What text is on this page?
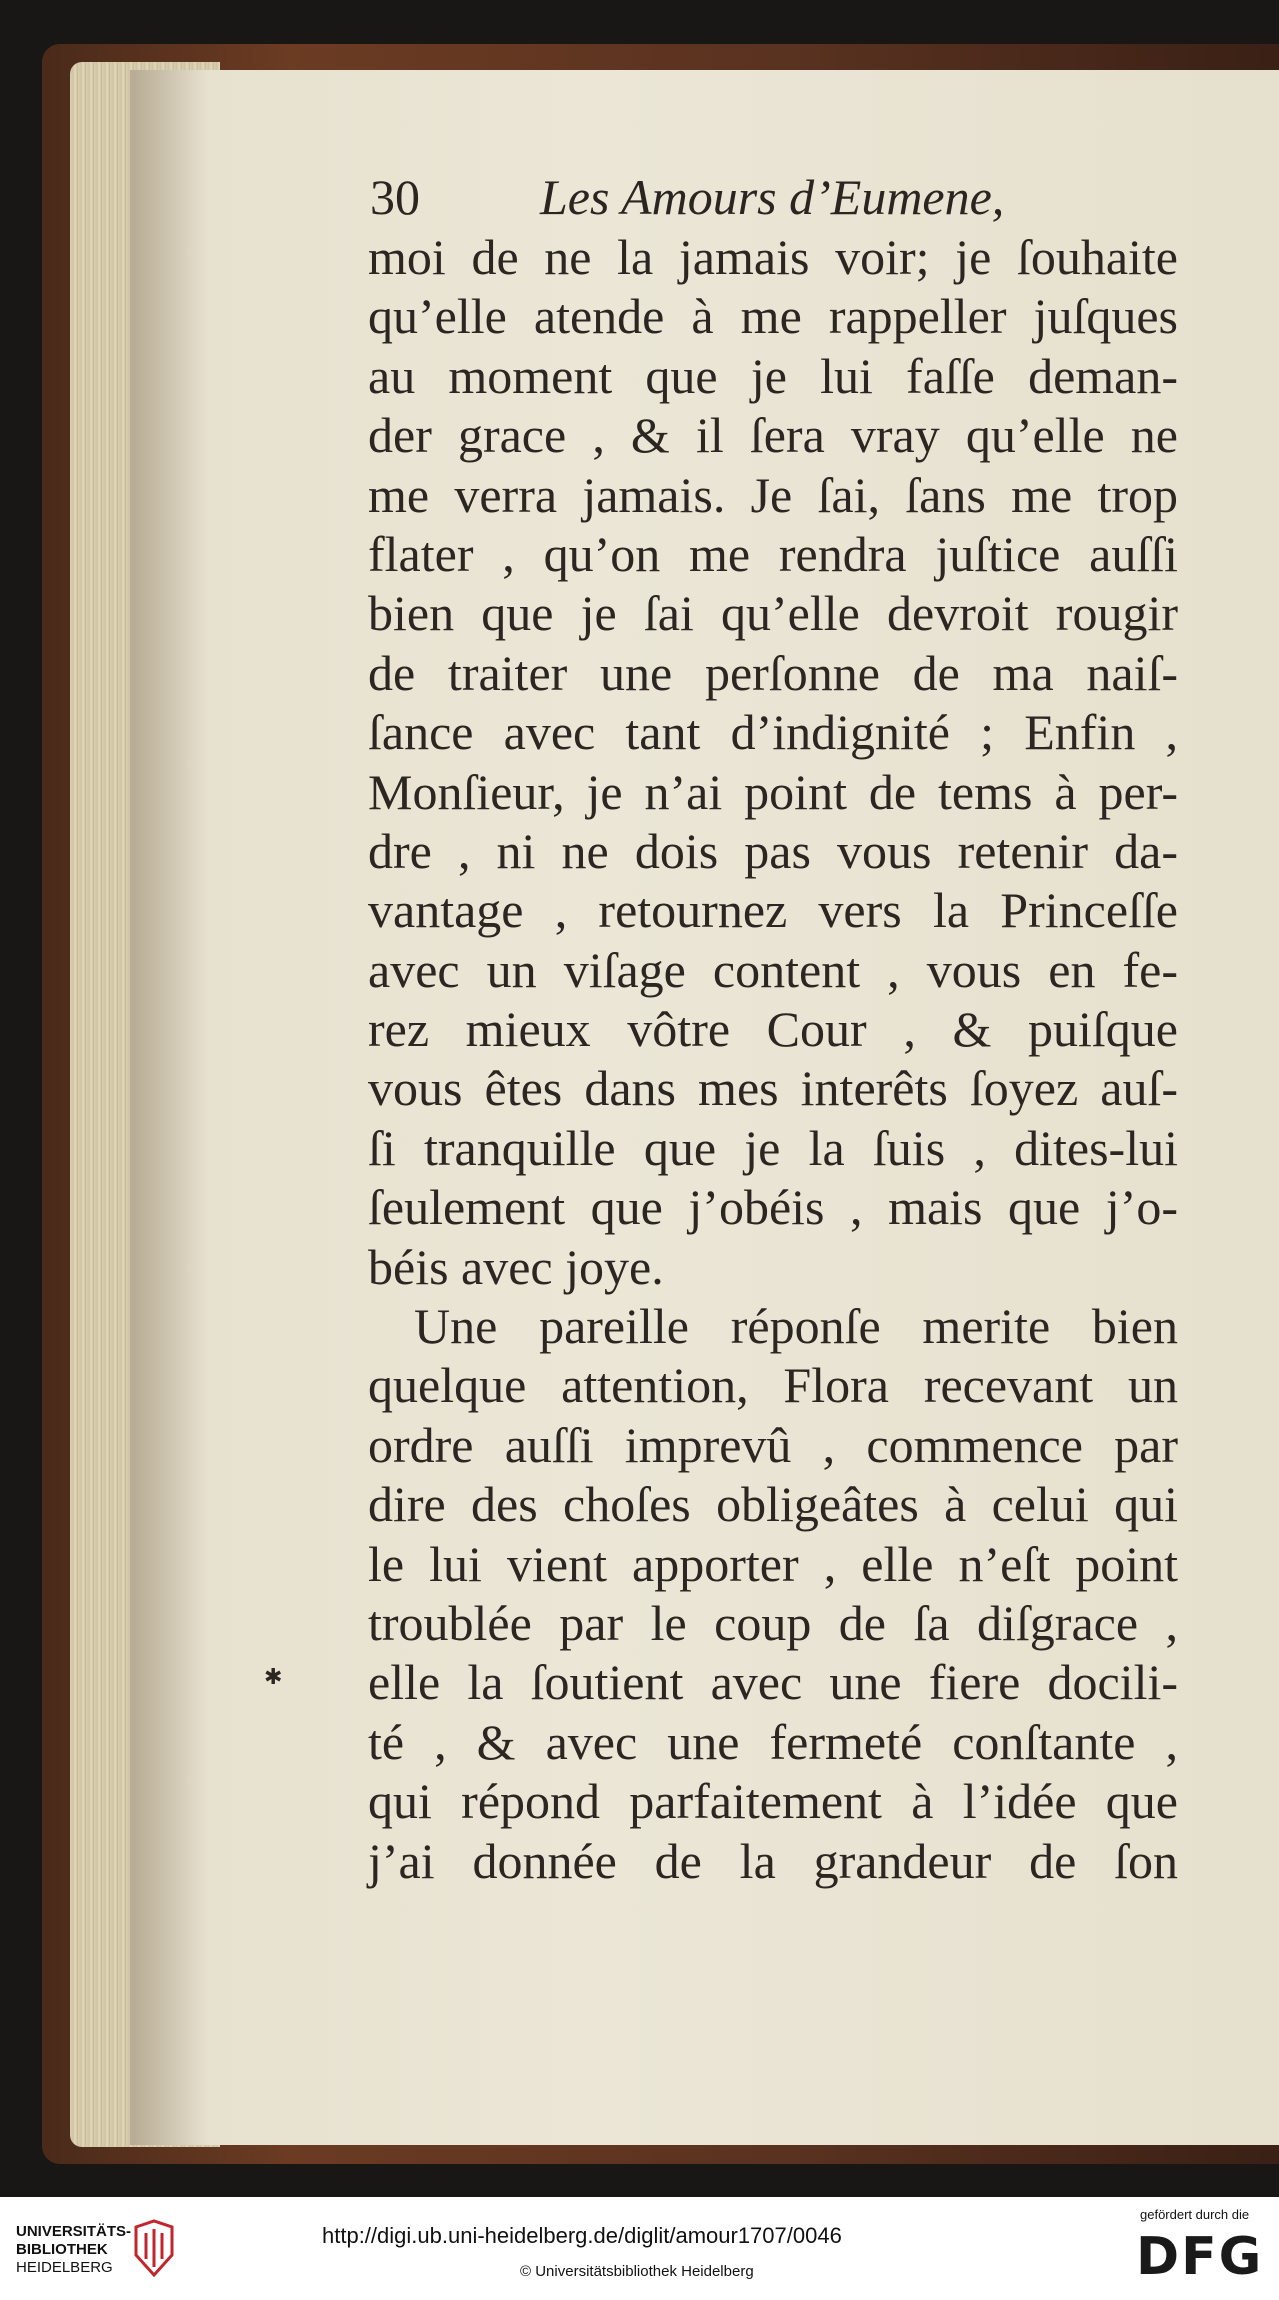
30 Les Amours d’Eumene,
moi de ne la jamais voir; je ſouhaite
qu’elle atende à me rappeller juſques
au moment que je lui faſſe deman-
der grace , & il ſera vray qu’elle ne
me verra jamais. Je ſai, ſans me trop
flater , qu’on me rendra juſtice auſſi
bien que je ſai qu’elle devroit rougir
de traiter une perſonne de ma naiſ-
ſance avec tant d’indignité ; Enfin ,
Monſieur, je n’ai point de tems à per-
dre , ni ne dois pas vous retenir da-
vantage , retournez vers la Princeſſe
avec un viſage content , vous en fe-
rez mieux vôtre Cour , & puiſque
vous êtes dans mes interêts ſoyez auſ-
ſi tranquille que je la ſuis , dites-lui
ſeulement que j’obéis , mais que j’o-
béis avec joye.
Une pareille réponſe merite bien
quelque attention, Flora recevant un
ordre auſſi imprevû , commence par
dire des choſes obligeâtes à celui qui
le lui vient apporter , elle n’eſt point
troublée par le coup de ſa diſgrace ,
elle la ſoutient avec une fiere docili-
té , & avec une fermeté conſtante ,
qui répond parfaitement à l’idée que
j’ai donnée de la grandeur de ſon
✱
UNIVERSITÄTS-
BIBLIOTHEK
HEIDELBERG
http://digi.ub.uni-heidelberg.de/diglit/amour1707/0046
© Universitätsbibliothek Heidelberg
gefördert durch die
DFG
